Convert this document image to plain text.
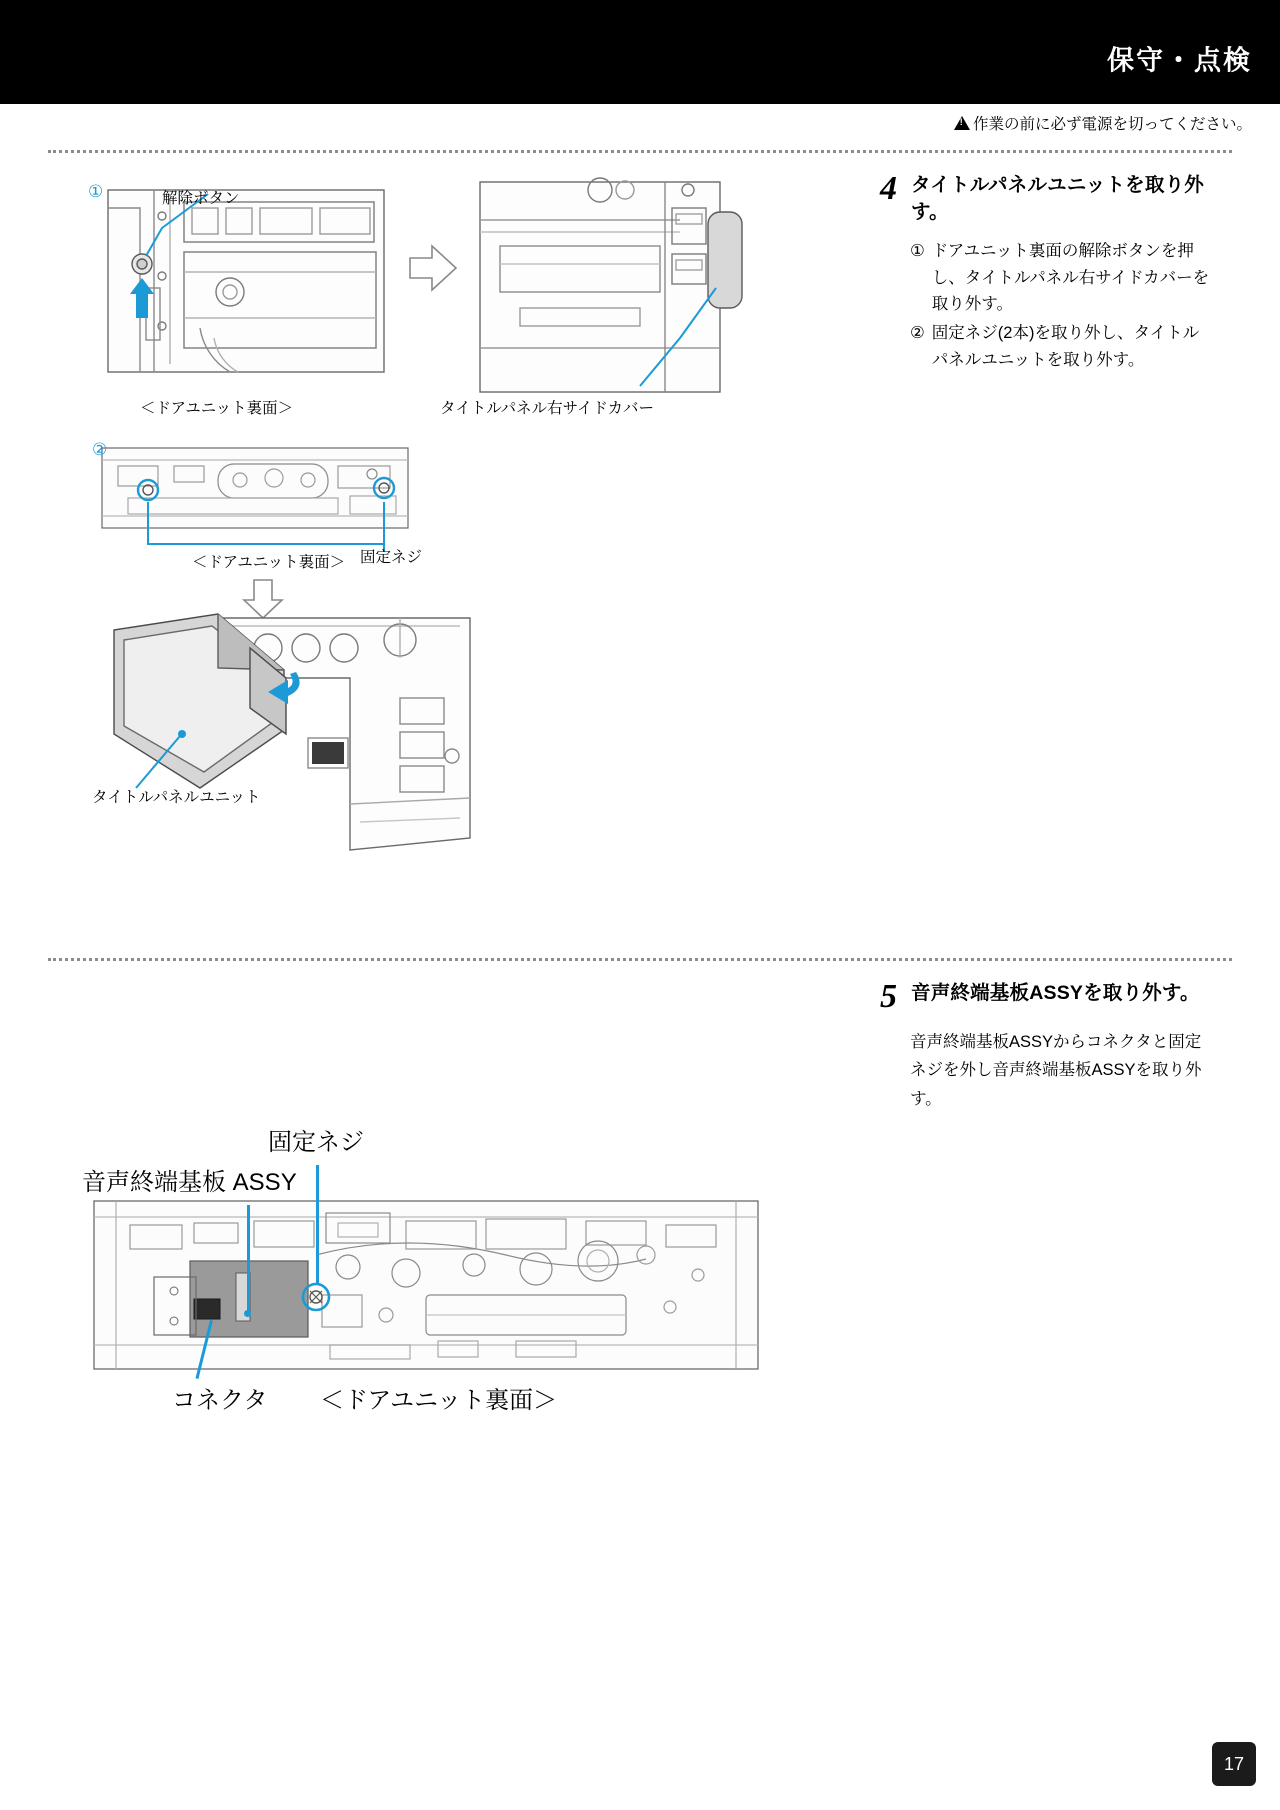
保守・点検
!
作業の前に必ず電源を切ってください。
4 タイトルパネルユニットを取り外す。
① ドアユニット裏面の解除ボタンを押し、タイトルパネル右サイドカバーを取り外す。
② 固定ネジ(2本)を取り外し、タイトルパネルユニットを取り外す。
5 音声終端基板ASSYを取り外す。
音声終端基板ASSYからコネクタと固定ネジを外し音声終端基板ASSYを取り外す。
①	解除ボタン
＜ドアユニット裏面＞	タイトルパネル右サイドカバー
②
固定ネジ
＜ドアユニット裏面＞
タイトルパネルユニット
固定ネジ
音声終端基板 ASSY
コネクタ ＜ドアユニット裏面＞
17
